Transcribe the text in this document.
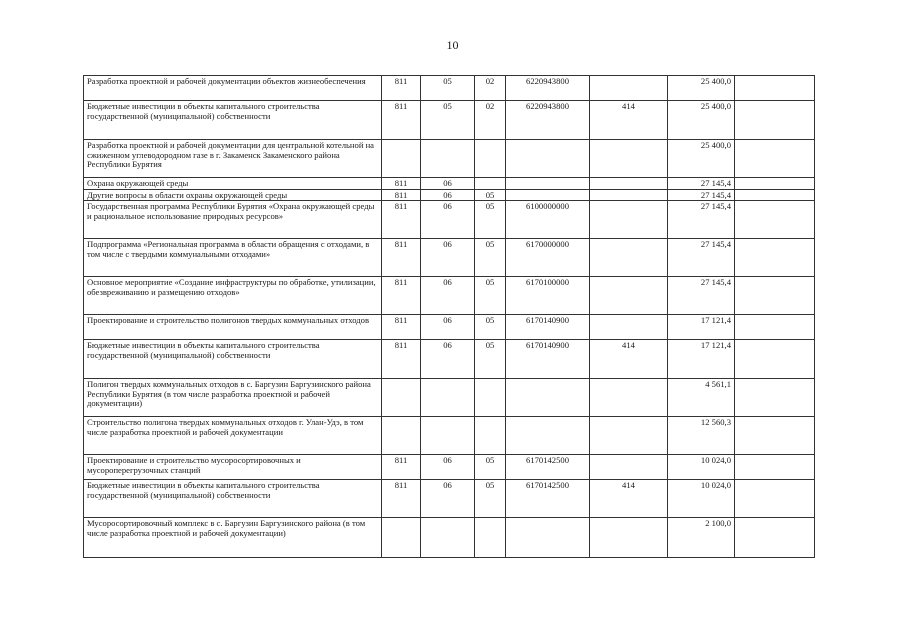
10
Разработка проектной и рабочей документации объектов жизнеобеспечения	811	05	02	6220943800		25 400,0	
Бюджетные инвестиции в объекты капитального строительства государственной (муниципальной) собственности	811	05	02	6220943800	414	25 400,0	
Разработка проектной и рабочей документации для центральной котельной на сжиженном углеводородном газе в г. Закаменск Закаменского района Республики Бурятия						25 400,0	
Охрана окружающей среды	811	06				27 145,4	
Другие вопросы в области охраны окружающей среды	811	06	05			27 145,4	
Государственная программа Республики Бурятия «Охрана окружающей среды и рациональное использование природных ресурсов»	811	06	05	6100000000		27 145,4	
Подпрограмма «Региональная программа в области обращения с отходами, в том числе с твердыми коммунальными отходами»	811	06	05	6170000000		27 145,4	
Основное мероприятие «Создание инфраструктуры по обработке, утилизации, обезвреживанию и размещению отходов»	811	06	05	6170100000		27 145,4	
Проектирование и строительство полигонов твердых коммунальных отходов	811	06	05	6170140900		17 121,4	
Бюджетные инвестиции в объекты капитального строительства государственной (муниципальной) собственности	811	06	05	6170140900	414	17 121,4	
Полигон твердых коммунальных отходов в с. Баргузин Баргузинского района Республики Бурятия (в том числе разработка проектной и рабочей документации)						4 561,1	
Строительство полигона твердых коммунальных отходов г. Улан-Удэ, в том числе разработка проектной и рабочей документации						12 560,3	
Проектирование и строительство мусоросортировочных и мусороперегрузочных станций	811	06	05	6170142500		10 024,0	
Бюджетные инвестиции в объекты капитального строительства государственной (муниципальной) собственности	811	06	05	6170142500	414	10 024,0	
Мусоросортировочный комплекс в с. Баргузин Баргузинского района (в том числе разработка проектной и рабочей документации)						2 100,0	
